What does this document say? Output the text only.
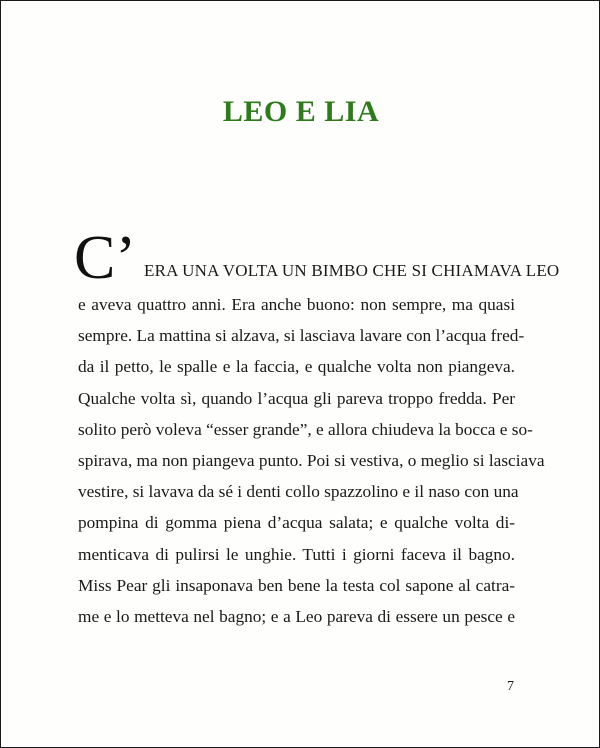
LEO E LIA
C’ ERA UNA VOLTA UN BIMBO CHE SI CHIAMAVA LEO
e aveva quattro anni. Era anche buono: non sempre, ma quasi
sempre. La mattina si alzava, si lasciava lavare con l’acqua fred-
da il petto, le spalle e la faccia, e qualche volta non piangeva.
Qualche volta sì, quando l’acqua gli pareva troppo fredda. Per
solito però voleva “esser grande”, e allora chiudeva la bocca e so-
spirava, ma non piangeva punto. Poi si vestiva, o meglio si lasciava
vestire, si lavava da sé i denti collo spazzolino e il naso con una
pompina di gomma piena d’acqua salata; e qualche volta di-
menticava di pulirsi le unghie. Tutti i giorni faceva il bagno.
Miss Pear gli insaponava ben bene la testa col sapone al catra-
me e lo metteva nel bagno; e a Leo pareva di essere un pesce e
7
